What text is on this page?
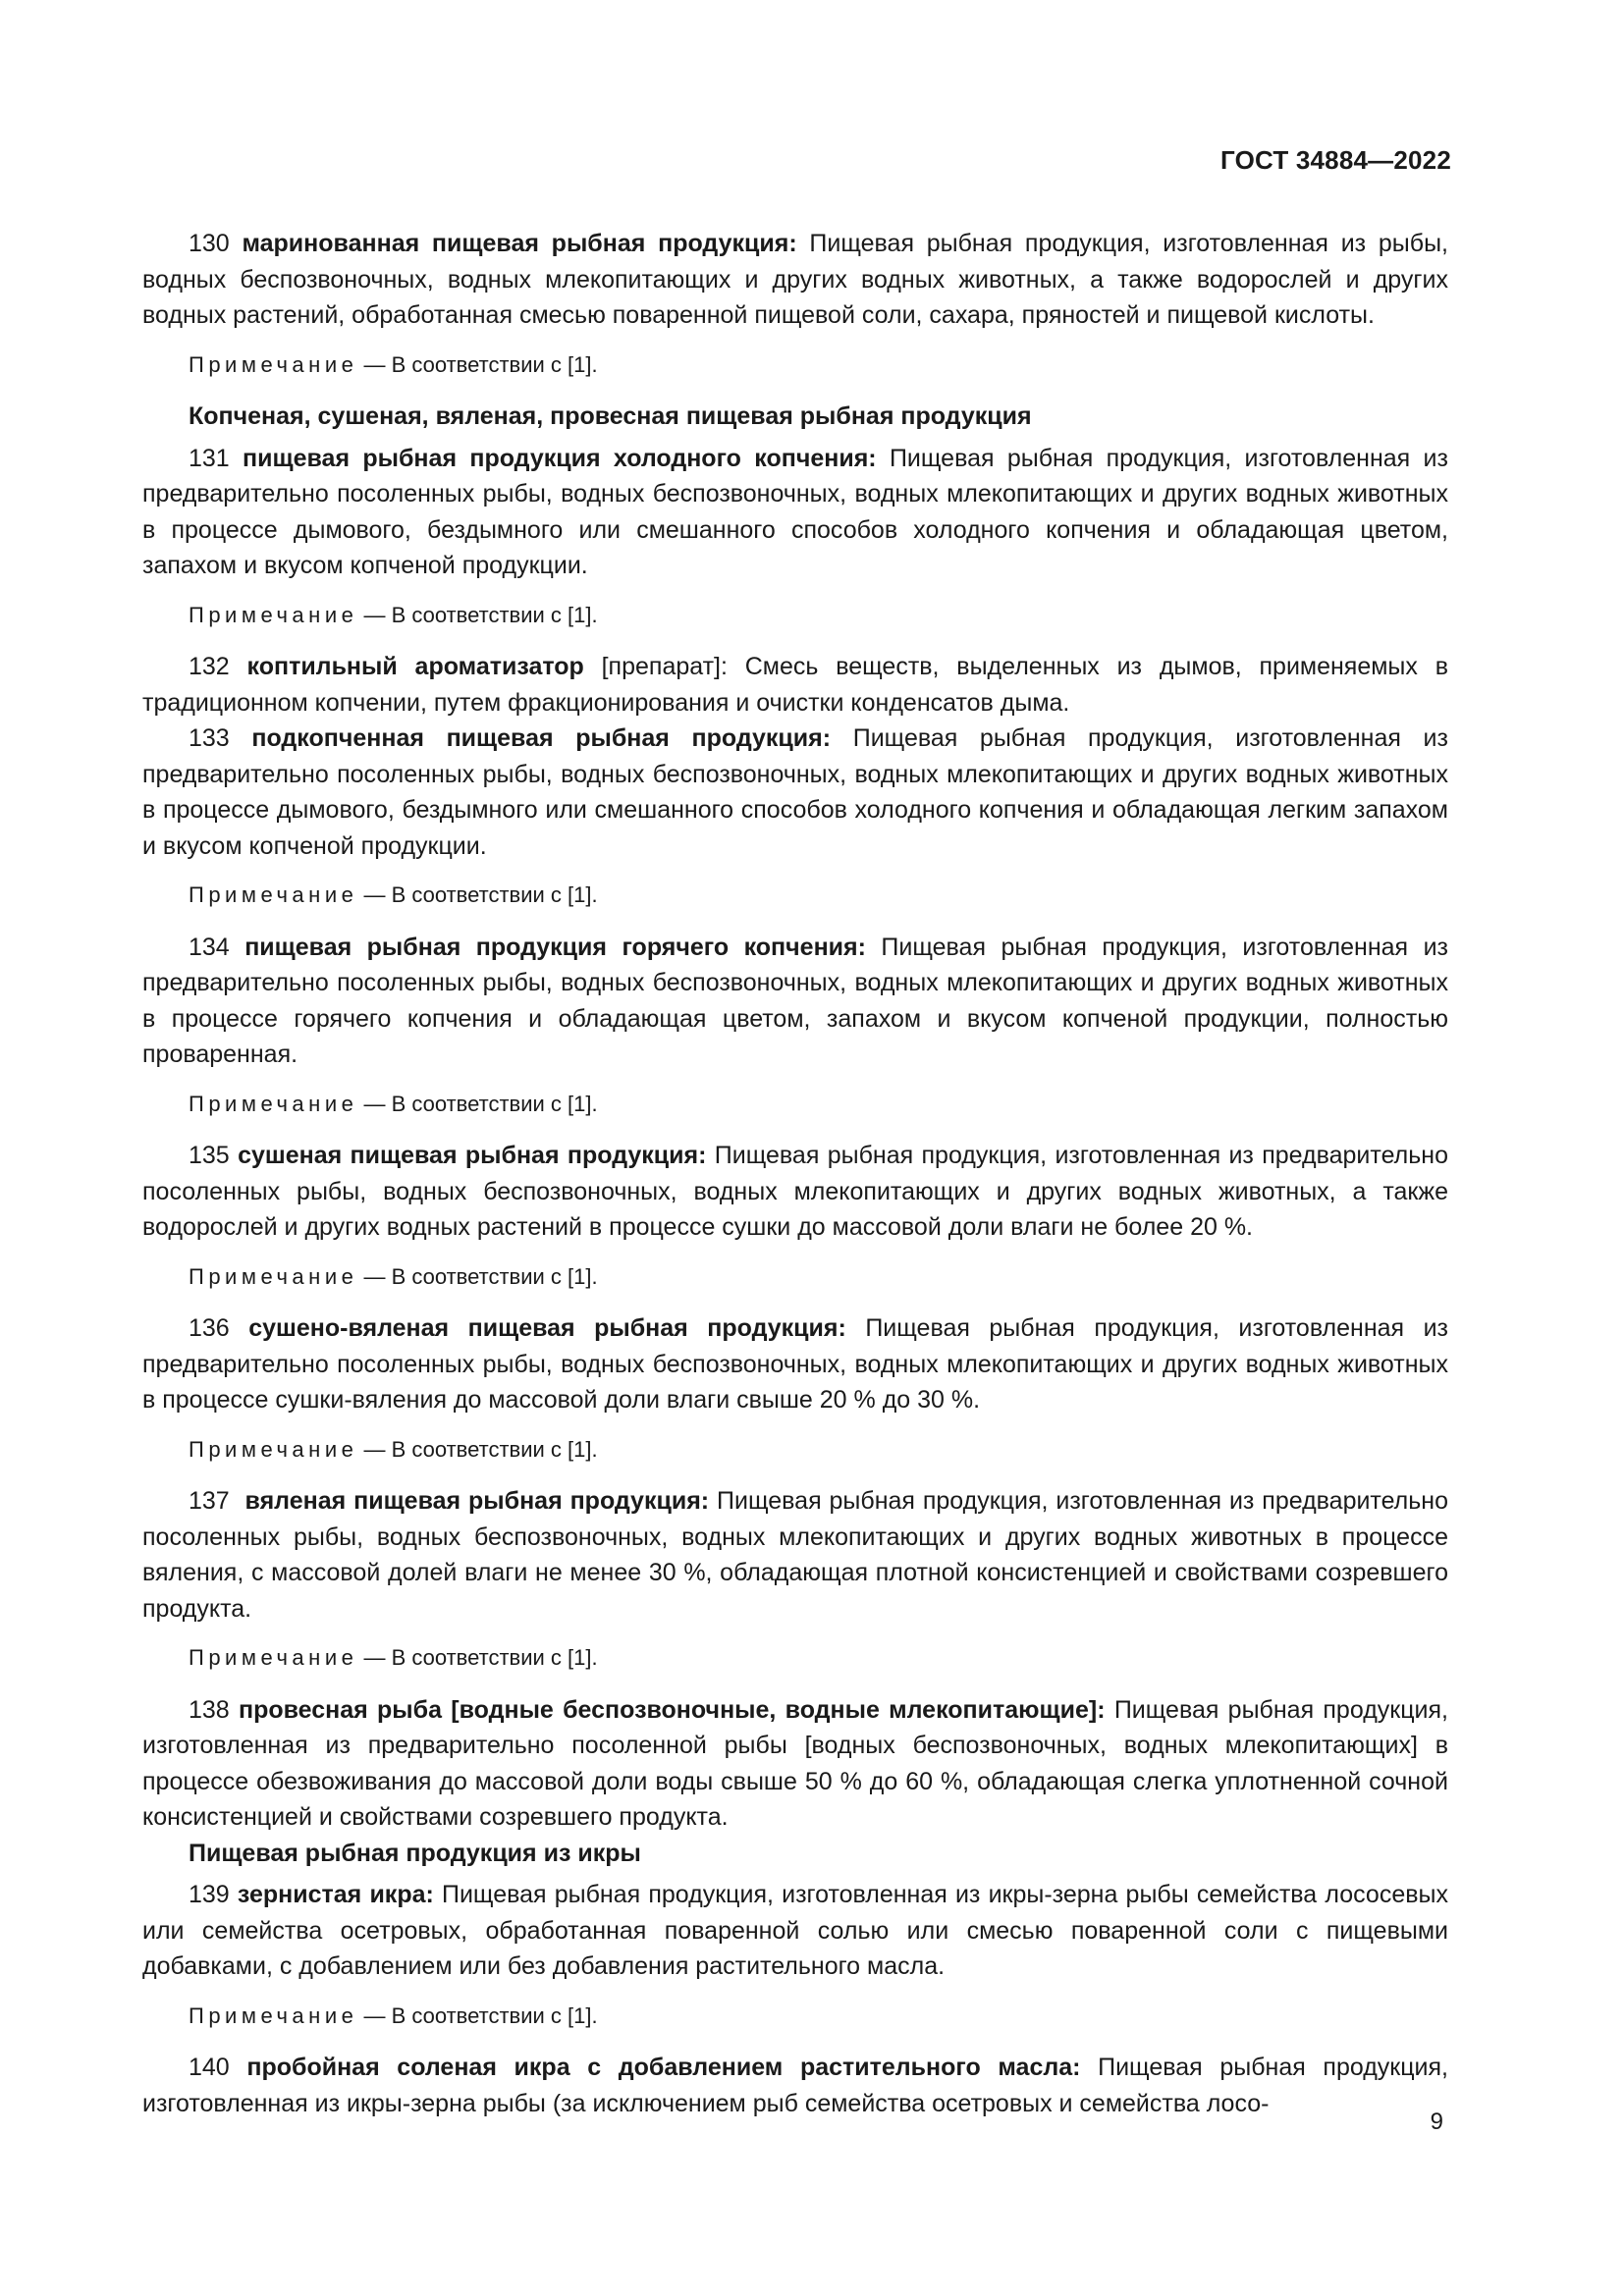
ГОСТ 34884—2022

130 маринованная пищевая рыбная продукция: Пищевая рыбная продукция, изготовленная из рыбы, водных беспозвоночных, водных млекопитающих и других водных животных, а также водорослей и других водных растений, обработанная смесью поваренной пищевой соли, сахара, пряностей и пищевой кислоты.

Примечание — В соответствии с [1].

Копченая, сушеная, вяленая, провесная пищевая рыбная продукция

131 пищевая рыбная продукция холодного копчения: Пищевая рыбная продукция, изготовленная из предварительно посоленных рыбы, водных беспозвоночных, водных млекопитающих и других водных животных в процессе дымового, бездымного или смешанного способов холодного копчения и обладающая цветом, запахом и вкусом копченой продукции.

Примечание — В соответствии с [1].

132 коптильный ароматизатор [препарат]: Смесь веществ, выделенных из дымов, применяемых в традиционном копчении, путем фракционирования и очистки конденсатов дыма.

133 подкопченная пищевая рыбная продукция: Пищевая рыбная продукция, изготовленная из предварительно посоленных рыбы, водных беспозвоночных, водных млекопитающих и других водных животных в процессе дымового, бездымного или смешанного способов холодного копчения и обладающая легким запахом и вкусом копченой продукции.

Примечание — В соответствии с [1].

134 пищевая рыбная продукция горячего копчения: Пищевая рыбная продукция, изготовленная из предварительно посоленных рыбы, водных беспозвоночных, водных млекопитающих и других водных животных в процессе горячего копчения и обладающая цветом, запахом и вкусом копченой продукции, полностью проваренная.

Примечание — В соответствии с [1].

135 сушеная пищевая рыбная продукция: Пищевая рыбная продукция, изготовленная из предварительно посоленных рыбы, водных беспозвоночных, водных млекопитающих и других водных животных, а также водорослей и других водных растений в процессе сушки до массовой доли влаги не более 20 %.

Примечание — В соответствии с [1].

136 сушено-вяленая пищевая рыбная продукция: Пищевая рыбная продукция, изготовленная из предварительно посоленных рыбы, водных беспозвоночных, водных млекопитающих и других водных животных в процессе сушки-вяления до массовой доли влаги свыше 20 % до 30 %.

Примечание — В соответствии с [1].

137  вяленая пищевая рыбная продукция: Пищевая рыбная продукция, изготовленная из предварительно посоленных рыбы, водных беспозвоночных, водных млекопитающих и других водных животных в процессе вяления, с массовой долей влаги не менее 30 %, обладающая плотной консистенцией и свойствами созревшего продукта.

Примечание — В соответствии с [1].

138 провесная рыба [водные беспозвоночные, водные млекопитающие]: Пищевая рыбная продукция, изготовленная из предварительно посоленной рыбы [водных беспозвоночных, водных млекопитающих] в процессе обезвоживания до массовой доли воды свыше 50 % до 60 %, обладающая слегка уплотненной сочной консистенцией и свойствами созревшего продукта.

Пищевая рыбная продукция из икры

139 зернистая икра: Пищевая рыбная продукция, изготовленная из икры-зерна рыбы семейства лососевых или семейства осетровых, обработанная поваренной солью или смесью поваренной соли с пищевыми добавками, с добавлением или без добавления растительного масла.

Примечание — В соответствии с [1].

140 пробойная соленая икра с добавлением растительного масла: Пищевая рыбная продукция, изготовленная из икры-зерна рыбы (за исключением рыб семейства осетровых и семейства лосо-

9
